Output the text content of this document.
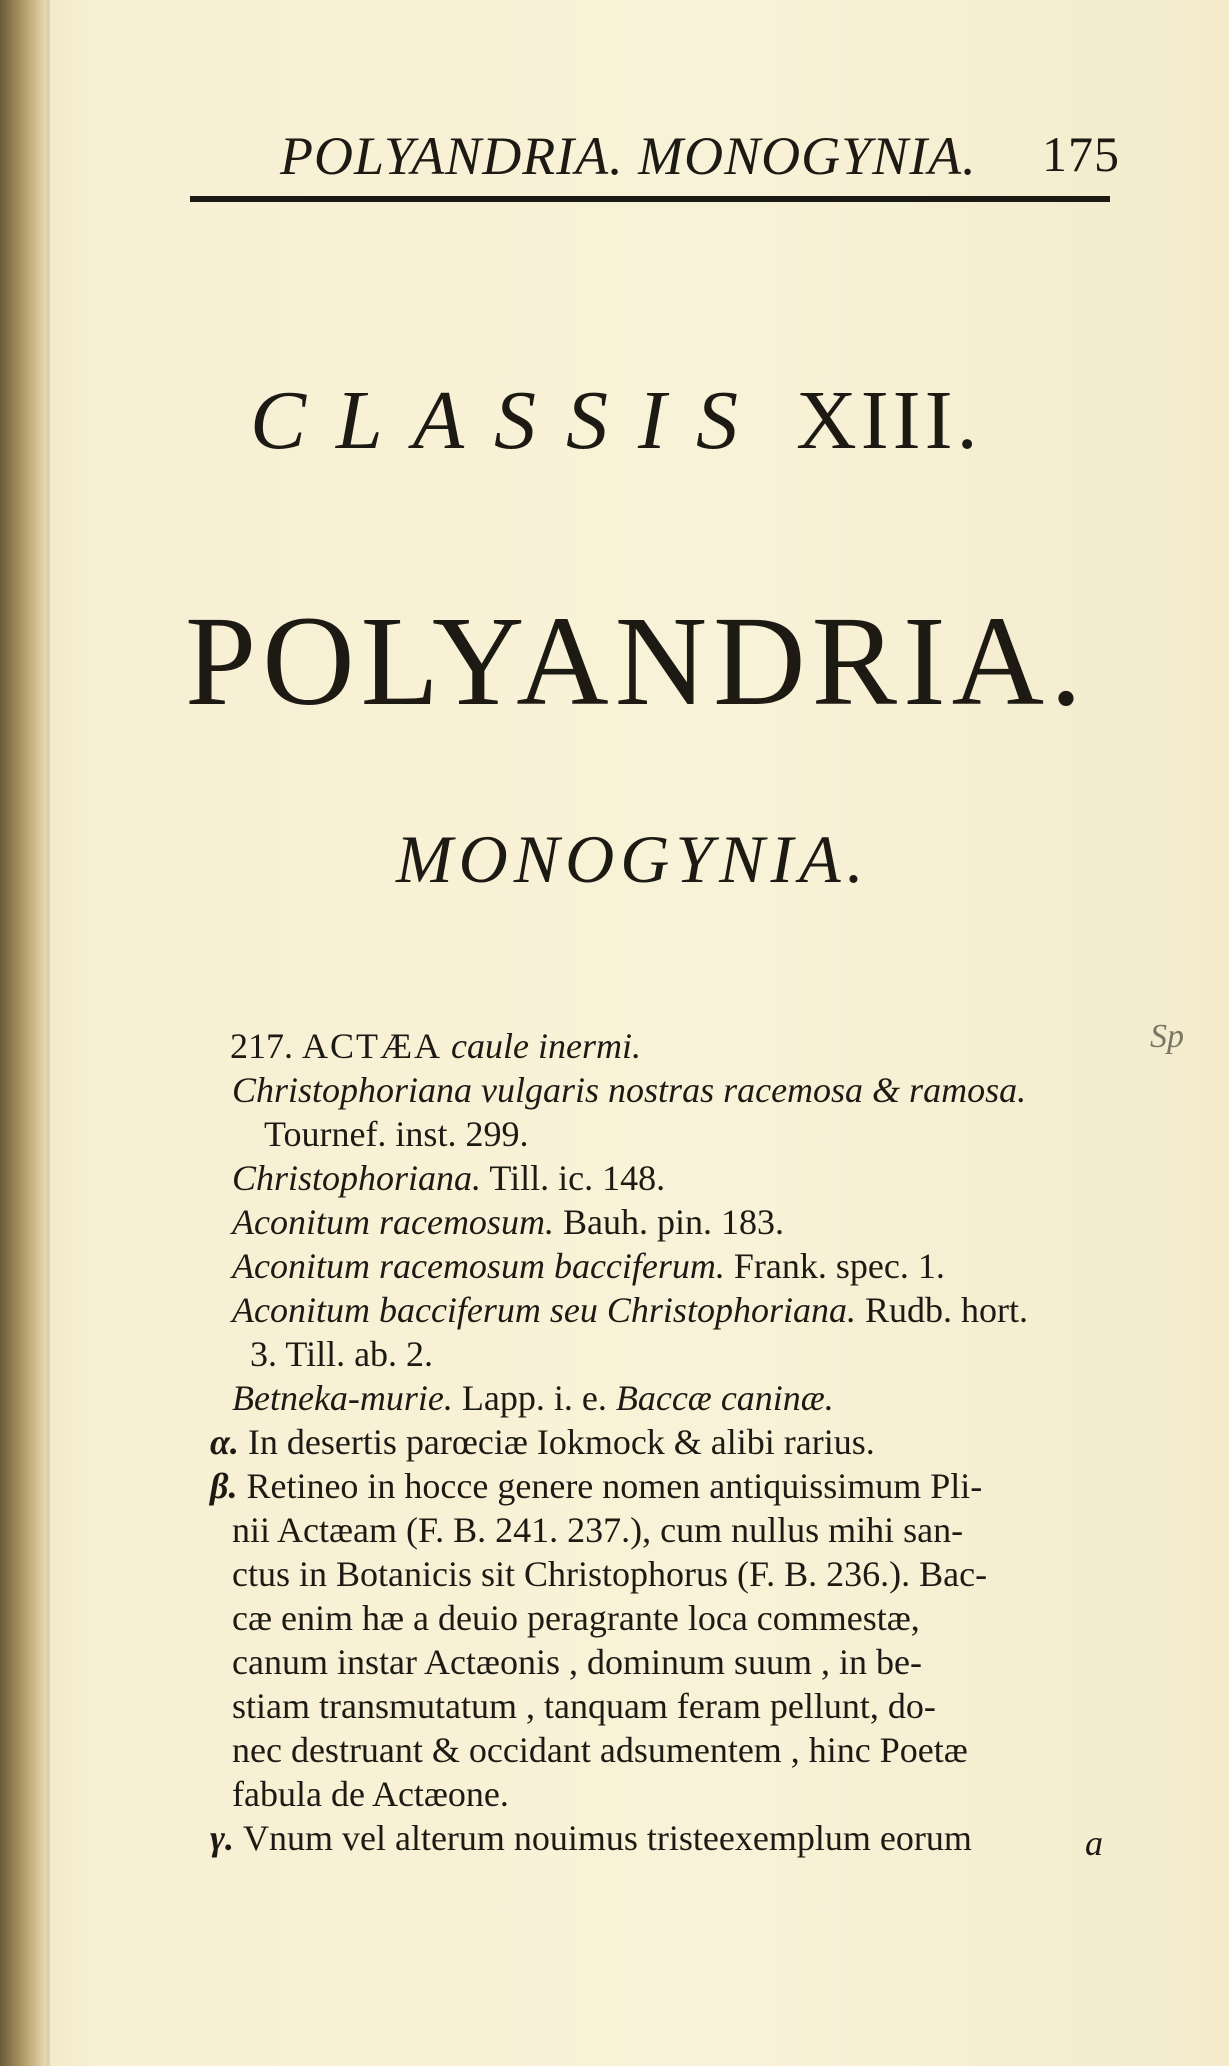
POLYANDRIA. MONOGYNIA. 175
CLASSIS XIII.
POLYANDRIA.
MONOGYNIA.
Sp
217. ACTÆA caule inermi.
Christophoriana vulgaris nostras racemosa & ramosa.
Tournef. inst. 299.
Christophoriana. Till. ic. 148.
Aconitum racemosum. Bauh. pin. 183.
Aconitum racemosum bacciferum. Frank. spec. 1.
Aconitum bacciferum seu Christophoriana. Rudb. hort.
3. Till. ab. 2.
Betneka-murie. Lapp. i. e. Baccæ caninæ.
α. In desertis parœciæ Iokmock & alibi rarius.
β. Retineo in hocce genere nomen antiquissimum Pli-
nii Actæam (F. B. 241. 237.), cum nullus mihi san-
ctus in Botanicis sit Christophorus (F. B. 236.). Bac-
cæ enim hæ a deuio peragrante loca commestæ,
canum instar Actæonis , dominum suum , in be-
stiam transmutatum , tanquam feram pellunt, do-
nec destruant & occidant adsumentem , hinc Poetæ
fabula de Actæone.
γ. Vnum vel alterum nouimus tristeexemplum eorum	a
